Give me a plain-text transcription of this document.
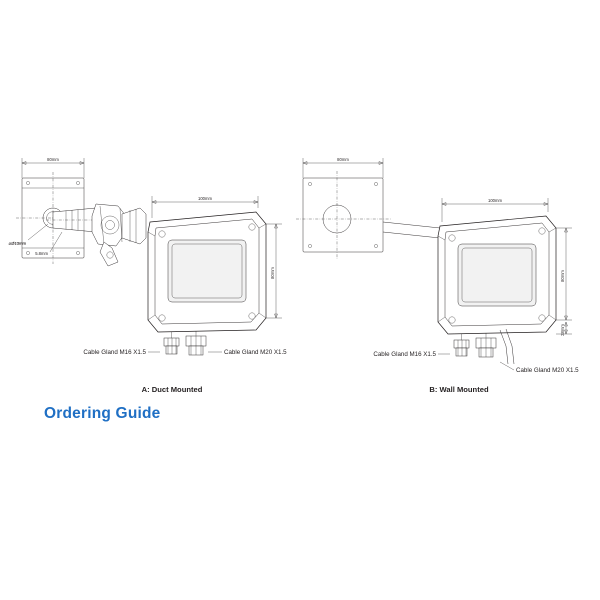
80mm
øØ13mm
5.8mm
100mm
80mm
Cable Gland M16 X1.5	Cable Gland M20 X1.5
A: Duct Mounted
80mm
100mm
80mm
28mm
Cable Gland M16 X1.5
Cable Gland M20 X1.5
B: Wall Mounted
Ordering Guide
